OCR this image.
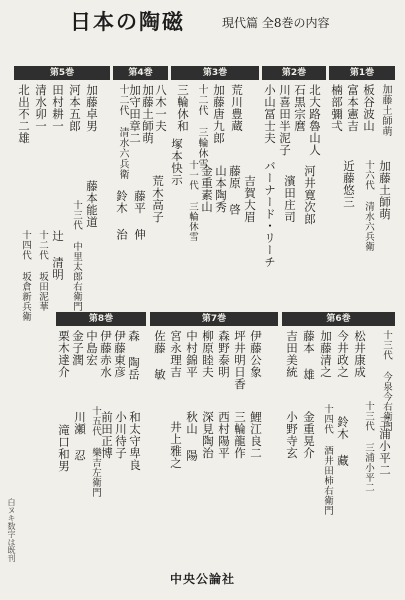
日本の陶磁	現代篇 全8巻の内容
第5巻
北出不二雄 清水卯一 田村耕一 河本五郎 加藤卓男
十四代 坂倉新兵衛 十二代 坂田泥華 辻 清明 十三代 中里太郎右衛門 藤本能道
第4巻
十二代 清水六兵衛 加守田章二 加藤土師萌 八木一夫
鈴木 治 藤平 伸 荒木高子
第3巻
三輪休和 十二代 三輪休雪 加藤唐九郎 荒川豊蔵
塚本快示 十一代 三輪休雪 金重素山 山本陶秀 藤原 啓 吉賀大眉
第2巻
小山冨士夫 川喜田半泥子 石黒宗麿 北大路魯山人
バーナード・リーチ 濱田庄司 河井寛次郎
第1巻
楠部彌弌 富本憲吉 板谷波山 加藤土師萌
近藤悠三 十六代 清水六兵衛 加藤土師萌
第8巻
栗木達介 金子潤 中島宏 伊藤赤水 伊藤東彦 森 陶岳
滝口和男 川瀬 忍 十五代 樂吉左衛門 前田正博 小川待子 和太守卑良
第7巻
佐藤 敏 宮永理吉 中村錦平 柳原睦夫 森野泰明 坪井明日香 伊藤公象
井上雅之 秋山 陽 深見陶治 西村陽平 三輪龍作 鯉江良二
第6巻
吉田美統 藤本 雄 加藤清之 今井政之 松井康成 十三代 今泉今右衛門
小野寺玄 金重晃介 十四代 酒井田柿右衛門 鈴木 藏 十三代 三浦小平二 三浦小平二
白ヌキ数字は既刊
中央公論社
